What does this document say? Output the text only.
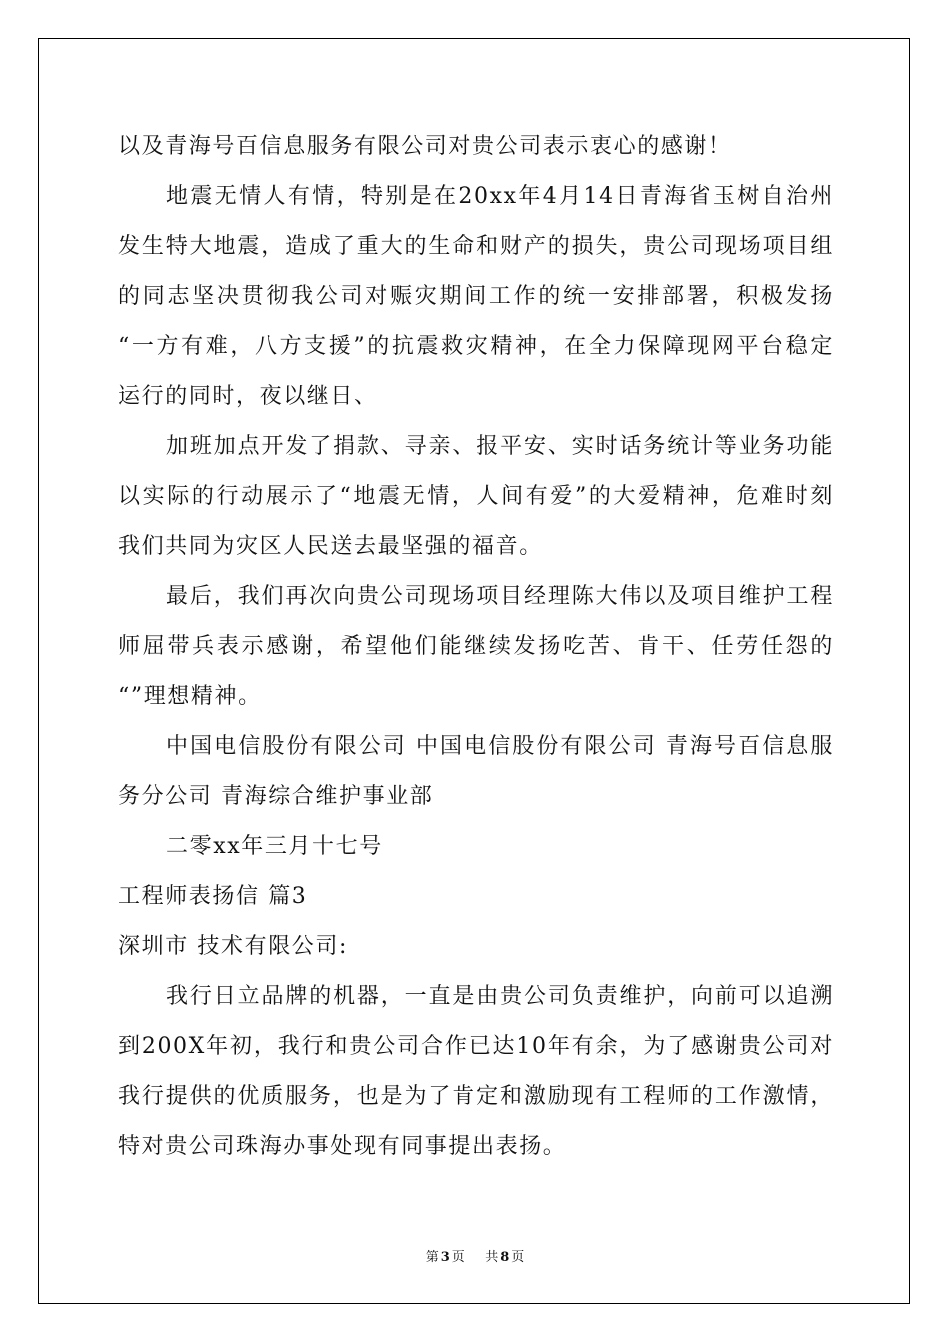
以及青海号百信息服务有限公司对贵公司表示衷心的感谢！
地震无情人有情，特别是在20xx年4月14日青海省玉树自治州
发生特大地震，造成了重大的生命和财产的损失，贵公司现场项目组
的同志坚决贯彻我公司对赈灾期间工作的统一安排部署，积极发扬
“一方有难，八方支援”的抗震救灾精神，在全力保障现网平台稳定
运行的同时，夜以继日、
加班加点开发了捐款、寻亲、报平安、实时话务统计等业务功能
以实际的行动展示了“地震无情，人间有爱”的大爱精神，危难时刻
我们共同为灾区人民送去最坚强的福音。
最后，我们再次向贵公司现场项目经理陈大伟以及项目维护工程
师屈带兵表示感谢，希望他们能继续发扬吃苦、肯干、任劳任怨的
“”理想精神。
中国电信股份有限公司 中国电信股份有限公司 青海号百信息服
务分公司 青海综合维护事业部
二零xx年三月十七号
工程师表扬信 篇3
深圳市 技术有限公司:
我行日立品牌的机器，一直是由贵公司负责维护，向前可以追溯
到200X年初，我行和贵公司合作已达10年有余，为了感谢贵公司对
我行提供的优质服务，也是为了肯定和激励现有工程师的工作激情，
特对贵公司珠海办事处现有同事提出表扬。
第 3 页 共 8 页
